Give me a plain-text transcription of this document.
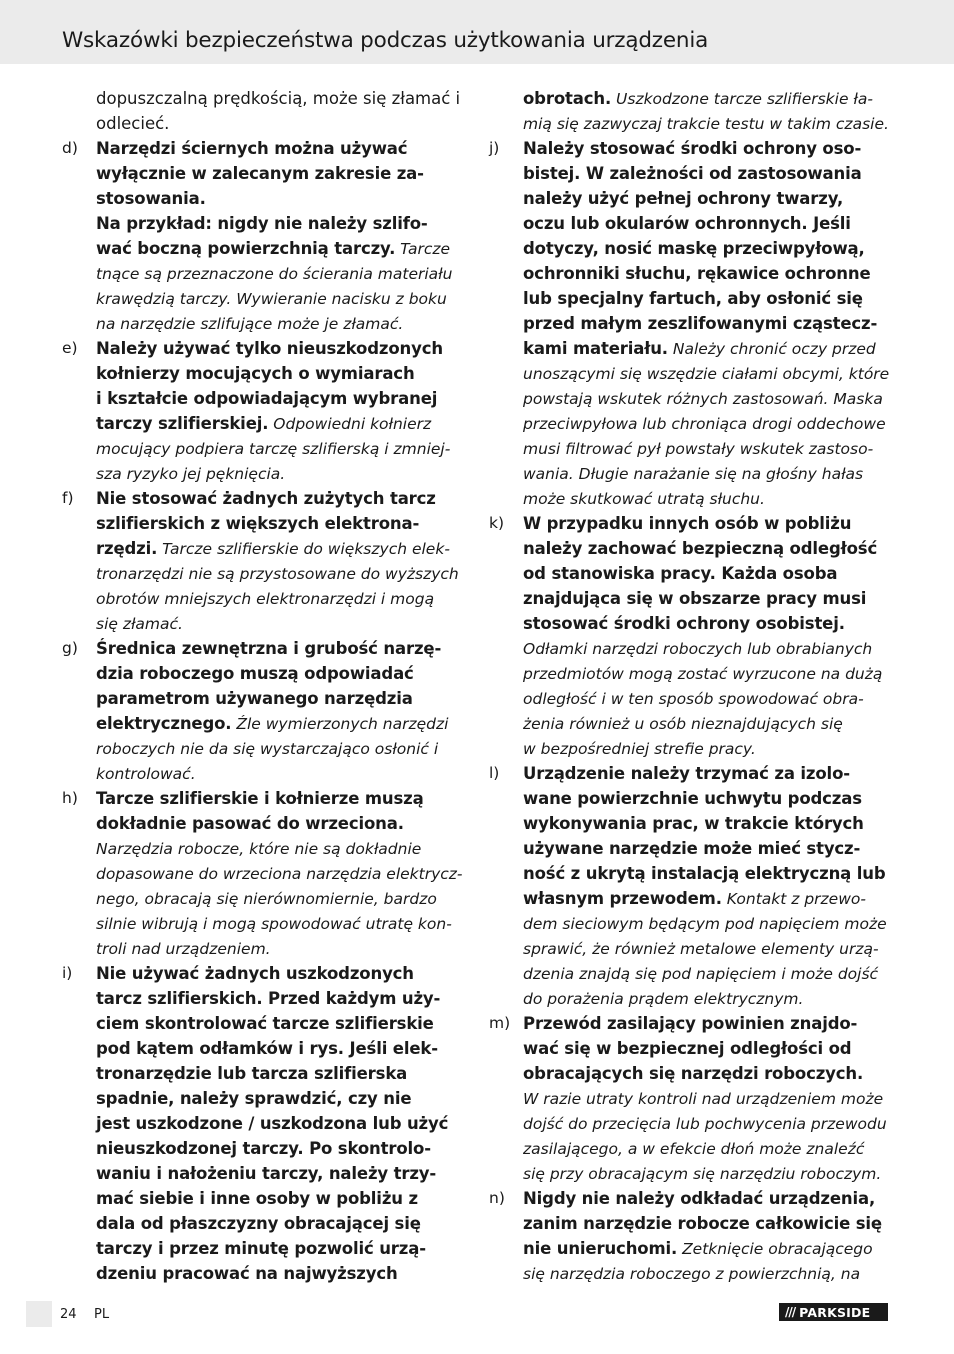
Wskazówki bezpieczeństwa podczas użytkowania urządzenia
dopuszczalną prędkością, może się złamać i
odlecieć.
d) Narzędzi ściernych można używać
wyłącznie w zalecanym zakresie za-
stosowania.
Na przykład: nigdy nie należy szlifo-
wać boczną powierzchnią tarczy. Tarcze
tnące są przeznaczone do ścierania materiału
krawędzią tarczy. Wywieranie nacisku z boku
na narzędzie szlifujące może je złamać.
e) Należy używać tylko nieuszkodzonych
kołnierzy mocujących o wymiarach
i kształcie odpowiadającym wybranej
tarczy szlifierskiej. Odpowiedni kołnierz
mocujący podpiera tarczę szlifierską i zmniej-
sza ryzyko jej pęknięcia.
f) Nie stosować żadnych zużytych tarcz
szlifierskich z większych elektrona-
rzędzi. Tarcze szlifierskie do większych elek-
tronarzędzi nie są przystosowane do wyższych
obrotów mniejszych elektronarzędzi i mogą
się złamać.
g) Średnica zewnętrzna i grubość narzę-
dzia roboczego muszą odpowiadać
parametrom używanego narzędzia
elektrycznego. Źle wymierzonych narzędzi
roboczych nie da się wystarczająco osłonić i
kontrolować.
h) Tarcze szlifierskie i kołnierze muszą
dokładnie pasować do wrzeciona.
Narzędzia robocze, które nie są dokładnie
dopasowane do wrzeciona narzędzia elektrycz-
nego, obracają się nierównomiernie, bardzo
silnie wibrują i mogą spowodować utratę kon-
troli nad urządzeniem.
i) Nie używać żadnych uszkodzonych
tarcz szlifierskich. Przed każdym uży-
ciem skontrolować tarcze szlifierskie
pod kątem odłamków i rys. Jeśli elek-
tronarzędzie lub tarcza szlifierska
spadnie, należy sprawdzić, czy nie
jest uszkodzone / uszkodzona lub użyć
nieuszkodzonej tarczy. Po skontrolo-
waniu i nałożeniu tarczy, należy trzy-
mać siebie i inne osoby w pobliżu z
dala od płaszczyzny obracającej się
tarczy i przez minutę pozwolić urzą-
dzeniu pracować na najwyższych
obrotach. Uszkodzone tarcze szlifierskie ła-
mią się zazwyczaj trakcie testu w takim czasie.
j) Należy stosować środki ochrony oso-
bistej. W zależności od zastosowania
należy użyć pełnej ochrony twarzy,
oczu lub okularów ochronnych. Jeśli
dotyczy, nosić maskę przeciwpyłową,
ochronniki słuchu, rękawice ochronne
lub specjalny fartuch, aby osłonić się
przed małym zeszlifowanymi cząstecz-
kami materiału. Należy chronić oczy przed
unoszącymi się wszędzie ciałami obcymi, które
powstają wskutek różnych zastosowań. Maska
przeciwpyłowa lub chroniąca drogi oddechowe
musi filtrować pył powstały wskutek zastoso-
wania. Długie narażanie się na głośny hałas
może skutkować utratą słuchu.
k) W przypadku innych osób w pobliżu
należy zachować bezpieczną odległość
od stanowiska pracy. Każda osoba
znajdująca się w obszarze pracy musi
stosować środki ochrony osobistej.
Odłamki narzędzi roboczych lub obrabianych
przedmiotów mogą zostać wyrzucone na dużą
odległość i w ten sposób spowodować obra-
żenia również u osób nieznajdujących się
w bezpośredniej strefie pracy.
l) Urządzenie należy trzymać za izolo-
wane powierzchnie uchwytu podczas
wykonywania prac, w trakcie których
używane narzędzie może mieć stycz-
ność z ukrytą instalacją elektryczną lub
własnym przewodem. Kontakt z przewo-
dem sieciowym będącym pod napięciem może
sprawić, że również metalowe elementy urzą-
dzenia znajdą się pod napięciem i może dojść
do porażenia prądem elektrycznym.
m) Przewód zasilający powinien znajdo-
wać się w bezpiecznej odległości od
obracających się narzędzi roboczych.
W razie utraty kontroli nad urządzeniem może
dojść do przecięcia lub pochwycenia przewodu
zasilającego, a w efekcie dłoń może znaleźć
się przy obracającym się narzędziu roboczym.
n) Nigdy nie należy odkładać urządzenia,
zanim narzędzie robocze całkowicie się
nie unieruchomi. Zetknięcie obracającego
się narzędzia roboczego z powierzchnią, na
24 PL	/// PARKSIDE
